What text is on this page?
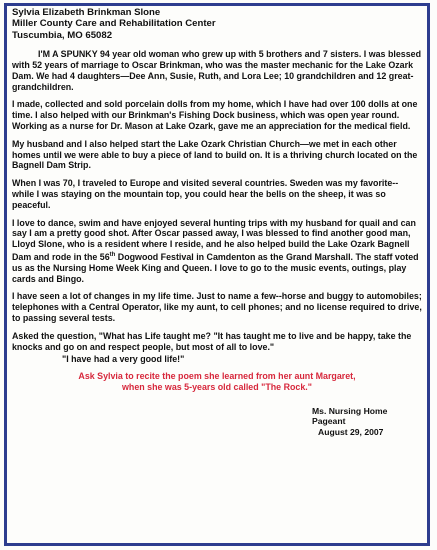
Sylvia Elizabeth Brinkman Slone
Miller County Care and Rehabilitation Center
Tuscumbia, MO 65082

I'M A SPUNKY 94 year old woman who grew up with 5 brothers and 7 sisters. I was blessed with 52 years of marriage to Oscar Brinkman, who was the master mechanic for the Lake Ozark Dam. We had 4 daughters—Dee Ann, Susie, Ruth, and Lora Lee; 10 grandchildren and 12 great-grandchildren.

I made, collected and sold porcelain dolls from my home, which I have had over 100 dolls at one time. I also helped with our Brinkman's Fishing Dock business, which was open year round. Working as a nurse for Dr. Mason at Lake Ozark, gave me an appreciation for the medical field.

My husband and I also helped start the Lake Ozark Christian Church—we met in each other homes until we were able to buy a piece of land to build on. It is a thriving church located on the Bagnell Dam Strip.

When I was 70, I traveled to Europe and visited several countries. Sweden was my favorite-- while I was staying on the mountain top, you could hear the bells on the sheep, it was so peaceful.

I love to dance, swim and have enjoyed several hunting trips with my husband for quail and can say I am a pretty good shot. After Oscar passed away, I was blessed to find another good man, Lloyd Slone, who is a resident where I reside, and he also helped build the Lake Ozark Bagnell Dam and rode in the 56th Dogwood Festival in Camdenton as the Grand Marshall. The staff voted us as the Nursing Home Week King and Queen. I love to go to the music events, outings, play cards and Bingo.

I have seen a lot of changes in my life time. Just to name a few--horse and buggy to automobiles; telephones with a Central Operator, like my aunt, to cell phones; and no license required to drive, to passing several tests.

Asked the question, "What has Life taught me? "It has taught me to live and be happy, take the knocks and go on and respect people, but most of all to love."

"I have had a very good life!"

Ask Sylvia to recite the poem she learned from her aunt Margaret,
when she was 5-years old called "The Rock."
Ms. Nursing Home Pageant
August 29, 2007
